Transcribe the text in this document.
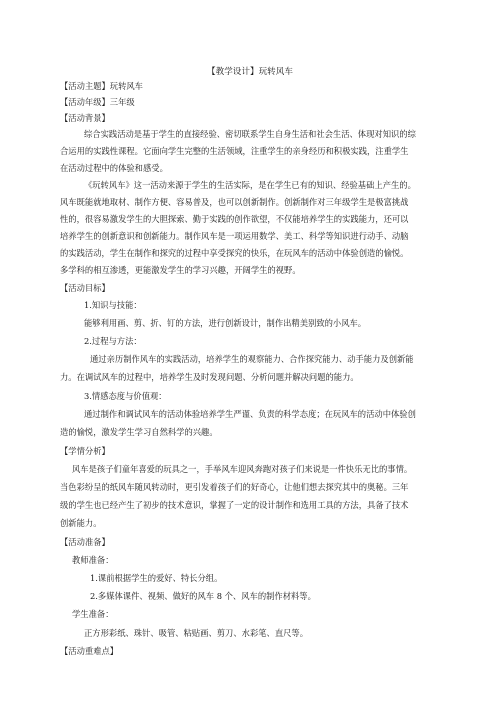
【教学设计】玩转风车
【活动主题】玩转风车
【活动年级】三年级
【活动背景】
综合实践活动是基于学生的直接经验、密切联系学生自身生活和社会生活、体现对知识的综
合运用的实践性课程。它面向学生完整的生活领域，注重学生的亲身经历和积极实践，注重学生
在活动过程中的体验和感受。
《玩转风车》这一活动来源于学生的生活实际，是在学生已有的知识、经验基础上产生的。
风车既能就地取材、制作方便、容易普及，也可以创新制作。创新制作对三年级学生是极富挑战
性的，很容易激发学生的大胆探索、勤于实践的创作欲望，不仅能培养学生的实践能力，还可以
培养学生的创新意识和创新能力。制作风车是一项运用数学、美工、科学等知识进行动手、动脑
的实践活动，学生在制作和探究的过程中享受探究的快乐，在玩风车的活动中体验创造的愉悦。
多学科的相互渗透，更能激发学生的学习兴趣，开阔学生的视野。
【活动目标】
1.知识与技能：
能够利用画、剪、折、钉的方法，进行创新设计，制作出精美别致的小风车。
2.过程与方法：
通过亲历制作风车的实践活动，培养学生的观察能力、合作探究能力、动手能力及创新能
力。在调试风车的过程中，培养学生及时发现问题、分析问题并解决问题的能力。
3.情感态度与价值观：
通过制作和调试风车的活动体验培养学生严谨、负责的科学态度；在玩风车的活动中体验创
造的愉悦，激发学生学习自然科学的兴趣。
【学情分析】
风车是孩子们童年喜爱的玩具之一，手举风车迎风奔跑对孩子们来说是一件快乐无比的事情。
当色彩纷呈的纸风车随风转动时，更引发着孩子们的好奇心，让他们想去探究其中的奥秘。三年
级的学生也已经产生了初步的技术意识，掌握了一定的设计制作和选用工具的方法，具备了技术
创新能力。
【活动准备】
教师准备：
1.课前根据学生的爱好、特长分组。
2.多媒体课件、视频、做好的风车 8 个、风车的制作材料等。
学生准备：
正方形彩纸、珠针、吸管、粘贴画、剪刀、水彩笔、直尺等。
【活动重难点】
